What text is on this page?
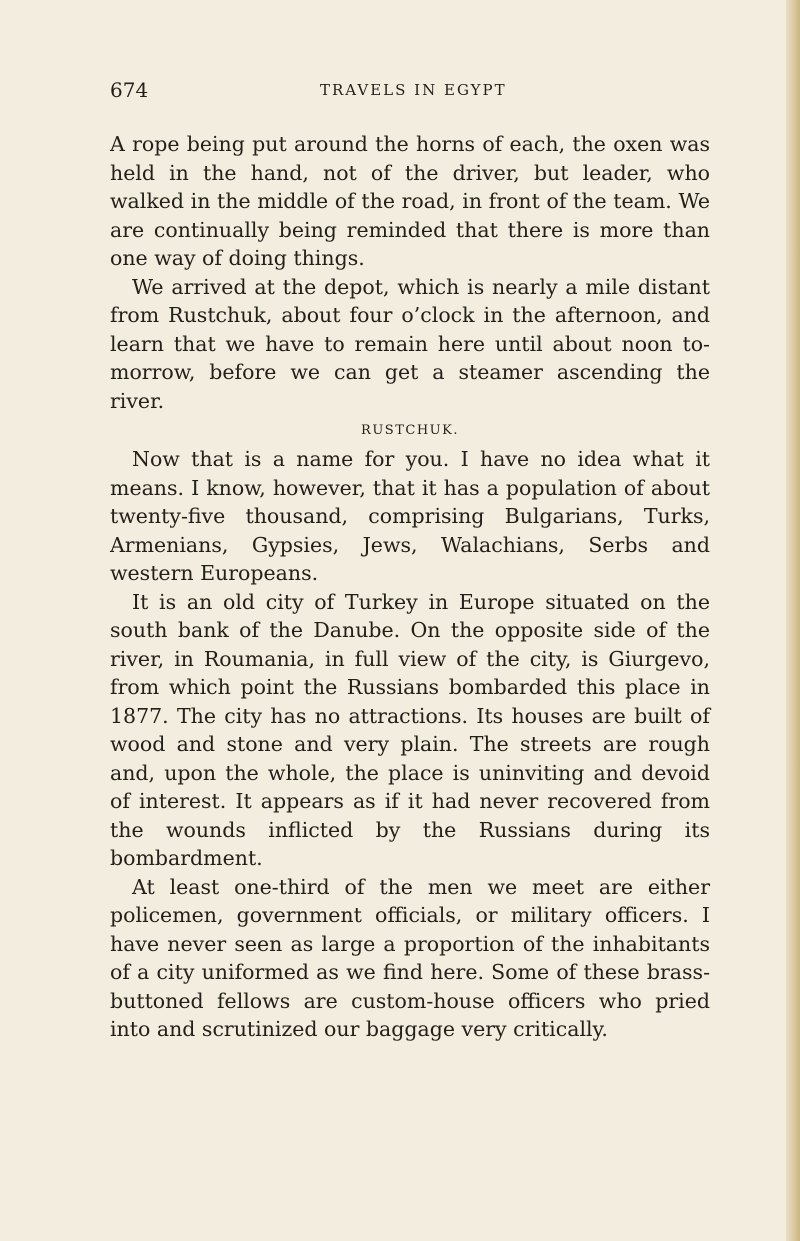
674	TRAVELS IN EGYPT

A rope being put around the horns of each, the oxen was held in the hand, not of the driver, but leader, who walked in the middle of the road, in front of the team. We are continually being reminded that there is more than one way of doing things.

We arrived at the depot, which is nearly a mile distant from Rustchuk, about four o’clock in the afternoon, and learn that we have to remain here until about noon to-morrow, before we can get a steamer ascending the river.

RUSTCHUK.

Now that is a name for you. I have no idea what it means. I know, however, that it has a population of about twenty-five thousand, comprising Bulgarians, Turks, Armenians, Gypsies, Jews, Walachians, Serbs and western Europeans.

It is an old city of Turkey in Europe situated on the south bank of the Danube. On the opposite side of the river, in Roumania, in full view of the city, is Giurgevo, from which point the Russians bombarded this place in 1877. The city has no attractions. Its houses are built of wood and stone and very plain. The streets are rough and, upon the whole, the place is uninviting and devoid of interest. It appears as if it had never recovered from the wounds inflicted by the Russians during its bombardment.

At least one-third of the men we meet are either policemen, government officials, or military officers. I have never seen as large a proportion of the inhabitants of a city uniformed as we find here. Some of these brass-buttoned fellows are custom-house officers who pried into and scrutinized our baggage very critically.
